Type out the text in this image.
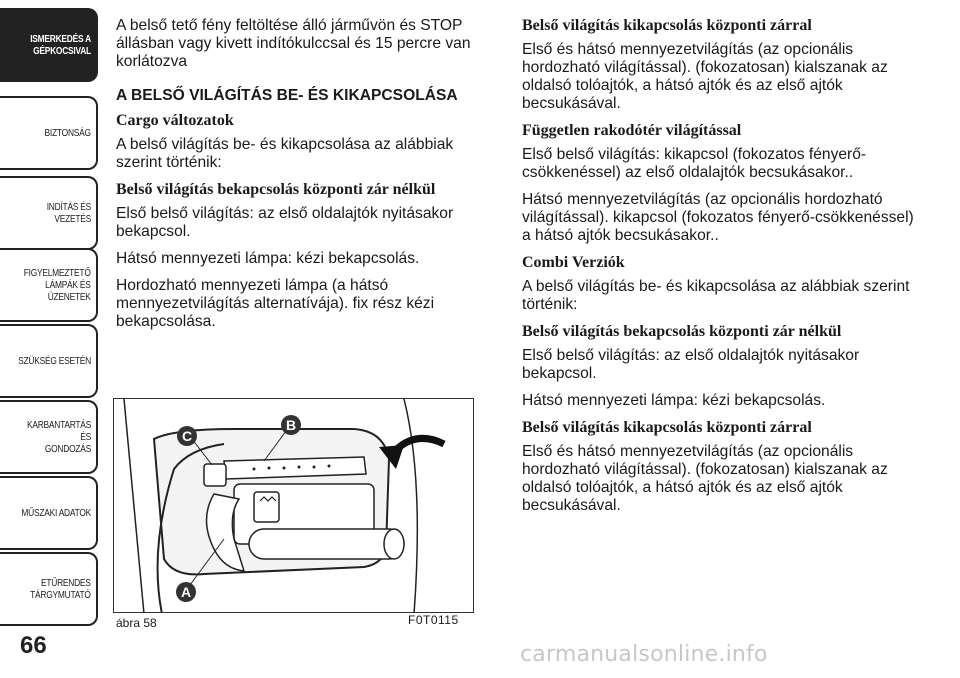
ISMERKEDÉS A
GÉPKOCSIVAL
BIZTONSÁG
INDÍTÁS ÉS VEZETÉS
FIGYELMEZTETŐ
LÁMPÁK ÉS
ÜZENETEK
SZÜKSÉG ESETÉN
KARBANTARTÁS ÉS
GONDOZÁS
MŰSZAKI ADATOK
ETŰRENDES
TÁRGYMUTATÓ
66

A belső tető fény feltöltése álló járművön és STOP állásban vagy kivett indítókulccsal és 15 percre van korlátozva

A BELSŐ VILÁGÍTÁS BE- ÉS KIKAPCSOLÁSA

Cargo változatok

A belső világítás be- és kikapcsolása az alábbiak szerint történik:

Belső világítás bekapcsolás központi zár nélkül

Első belső világítás: az első oldalajtók nyitásakor bekapcsol.

Hátsó mennyezeti lámpa: kézi bekapcsolás.

Hordozható mennyezeti lámpa (a hátsó mennyezetvilágítás alternatívája). fix rész kézi bekapcsolása.

Belső világítás kikapcsolás központi zárral

Első és hátsó mennyezetvilágítás (az opcionális hordozható világítással). (fokozatosan) kialszanak az oldalsó tolóajtók, a hátsó ajtók és az első ajtók becsukásával.

Független rakodótér világítással

Első belső világítás: kikapcsol (fokozatos fényerő-csökkenéssel) az első oldalajtók becsukásakor..

Hátsó mennyezetvilágítás (az opcionális hordozható világítással). kikapcsol (fokozatos fényerő-csökkenéssel) a hátsó ajtók becsukásakor..

Combi Verziók

A belső világítás be- és kikapcsolása az alábbiak szerint történik:

Belső világítás bekapcsolás központi zár nélkül

Első belső világítás: az első oldalajtók nyitásakor bekapcsol.

Hátsó mennyezeti lámpa: kézi bekapcsolás.

Belső világítás kikapcsolás központi zárral

Első és hátsó mennyezetvilágítás (az opcionális hordozható világítással). (fokozatosan) kialszanak az oldalsó tolóajtók, a hátsó ajtók és az első ajtók becsukásával.

C
B
A
ábra 58	F0T0115
carmanualsonline.info
